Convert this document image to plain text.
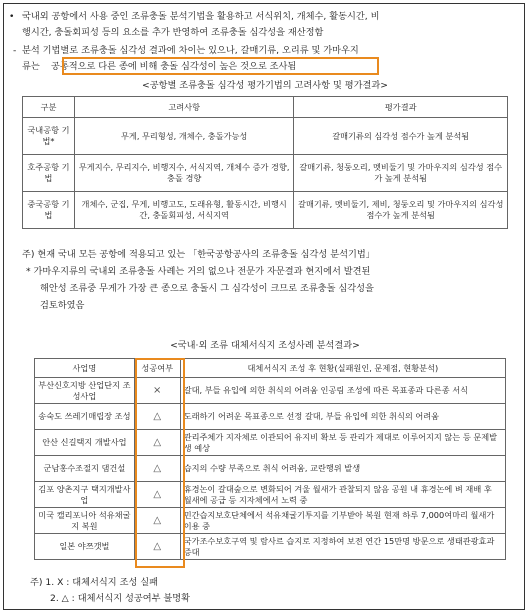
• 국내외 공항에서 사용 중인 조류충돌 분석기법을 활용하고 서식위치, 개체수, 활동시간, 비
행시간, 충돌회피성 등의 요소를 추가 반영하여 조류충돌 심각성을 재산정함
- 분석 기법별로 조류충돌 심각성 결과에 차이는 있으나, 갈매기류, 오리류 및 가마우지
류는 공통적으로 다른 종에 비해 충돌 심각성이 높은 것으로 조사됨
<공항별 조류충돌 심각성 평가기법의 고려사항 및 평가결과>
구분	고려사항	평가결과
국내공항 기법*	무게, 무리형성, 개체수, 충돌가능성	갈매기류의 심각성 점수가 높게 분석됨
호주공항 기법	무게지수, 무리지수, 비행지수, 서식지역, 개체수 증가 경향, 충돌 경향	갈매기류, 청둥오리, 멧비둘기 및 가마우지의 심각성 점수가 높게 분석됨
중국공항 기법	개체수, 군집, 무게, 비행고도, 도래유형, 활동시간, 비행시간, 충돌회피성, 서식지역	갈매기류, 멧비둘기, 제비, 청둥오리 및 가마우지의 심각성 점수가 높게 분석됨
주) 현재 국내 모든 공항에 적용되고 있는 「한국공항공사의 조류충돌 심각성 분석기법」
* 가마우지류의 국내외 조류충돌 사례는 거의 없으나 전문가 자문결과 현지에서 발견된
해안성 조류중 무게가 가장 큰 종으로 충돌시 그 심각성이 크므로 조류충돌 심각성을
검토하였음
<국내·외 조류 대체서식지 조성사례 분석결과>
사업명	성공여부	대체서식지 조성 후 현황(실패원인, 문제점, 현황분석)
부산신호지방 산업단지 조성사업	×	갈대, 부들 유입에 의한 취식의 어려움 인공림 조성에 따른 목표종과 다른종 서식
송숙도 쓰레기매립장 조성	△	도래하기 어려운 목표종으로 선정 갈대, 부들 유입에 의한 취식의 어려움
안산 신길택지 개발사업	△	관리주체가 지자체로 이관되어 유지비 확보 등 관리가 제대로 이루어지지 않는 등 문제발생 예상
군남홍수조절지 댐건설	△	습지의 수량 부족으로 취식 어려움, 교란행위 발생
김포 양촌지구 택지개발사업	△	휴경논이 갈대숲으로 변화되어 겨울 월새가 관찰되지 않음 공원 내 휴경논에 벼 재배 후 월새에 공급 등 지자체에서 노력 중
미국 캘리포니아 석유채굴지 복원	△	민간습지보호단체에서 석유채굴기투지를 기부받아 복원 현재 하루 7,000여마리 월새가 이용 중
일본 야쯔갯벌	△	국가조수보호구역 및 람사르 습지로 지정하여 보전 연간 15만명 방문으로 생태관광효과 증대
주) 1. X : 대체서식지 조성 실패
2. △ : 대체서식지 성공여부 불명확
